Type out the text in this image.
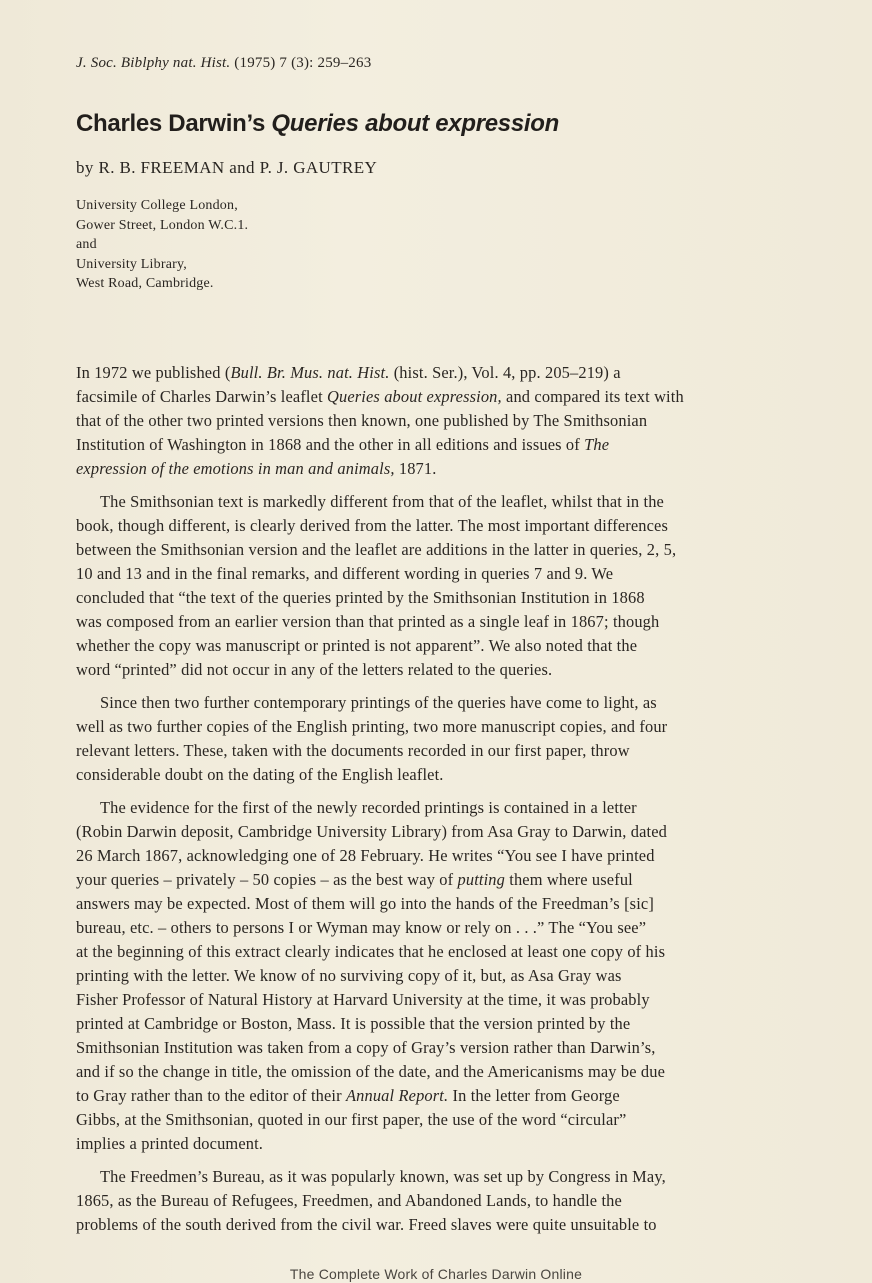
J. Soc. Biblphy nat. Hist. (1975) 7 (3): 259–263
Charles Darwin’s Queries about expression
by R. B. FREEMAN and P. J. GAUTREY
University College London,
Gower Street, London W.C.1.
and
University Library,
West Road, Cambridge.
In 1972 we published (Bull. Br. Mus. nat. Hist. (hist. Ser.), Vol. 4, pp. 205–219) a
facsimile of Charles Darwin’s leaflet Queries about expression, and compared its text with
that of the other two printed versions then known, one published by The Smithsonian
Institution of Washington in 1868 and the other in all editions and issues of The
expression of the emotions in man and animals, 1871.
The Smithsonian text is markedly different from that of the leaflet, whilst that in the
book, though different, is clearly derived from the latter. The most important differences
between the Smithsonian version and the leaflet are additions in the latter in queries, 2, 5,
10 and 13 and in the final remarks, and different wording in queries 7 and 9. We
concluded that “the text of the queries printed by the Smithsonian Institution in 1868
was composed from an earlier version than that printed as a single leaf in 1867; though
whether the copy was manuscript or printed is not apparent”. We also noted that the
word “printed” did not occur in any of the letters related to the queries.
Since then two further contemporary printings of the queries have come to light, as
well as two further copies of the English printing, two more manuscript copies, and four
relevant letters. These, taken with the documents recorded in our first paper, throw
considerable doubt on the dating of the English leaflet.
The evidence for the first of the newly recorded printings is contained in a letter
(Robin Darwin deposit, Cambridge University Library) from Asa Gray to Darwin, dated
26 March 1867, acknowledging one of 28 February. He writes “You see I have printed
your queries – privately – 50 copies – as the best way of putting them where useful
answers may be expected. Most of them will go into the hands of the Freedman’s [sic]
bureau, etc. – others to persons I or Wyman may know or rely on . . .” The “You see”
at the beginning of this extract clearly indicates that he enclosed at least one copy of his
printing with the letter. We know of no surviving copy of it, but, as Asa Gray was
Fisher Professor of Natural History at Harvard University at the time, it was probably
printed at Cambridge or Boston, Mass. It is possible that the version printed by the
Smithsonian Institution was taken from a copy of Gray’s version rather than Darwin’s,
and if so the change in title, the omission of the date, and the Americanisms may be due
to Gray rather than to the editor of their Annual Report. In the letter from George
Gibbs, at the Smithsonian, quoted in our first paper, the use of the word “circular”
implies a printed document.
The Freedmen’s Bureau, as it was popularly known, was set up by Congress in May,
1865, as the Bureau of Refugees, Freedmen, and Abandoned Lands, to handle the
problems of the south derived from the civil war. Freed slaves were quite unsuitable to
The Complete Work of Charles Darwin Online
